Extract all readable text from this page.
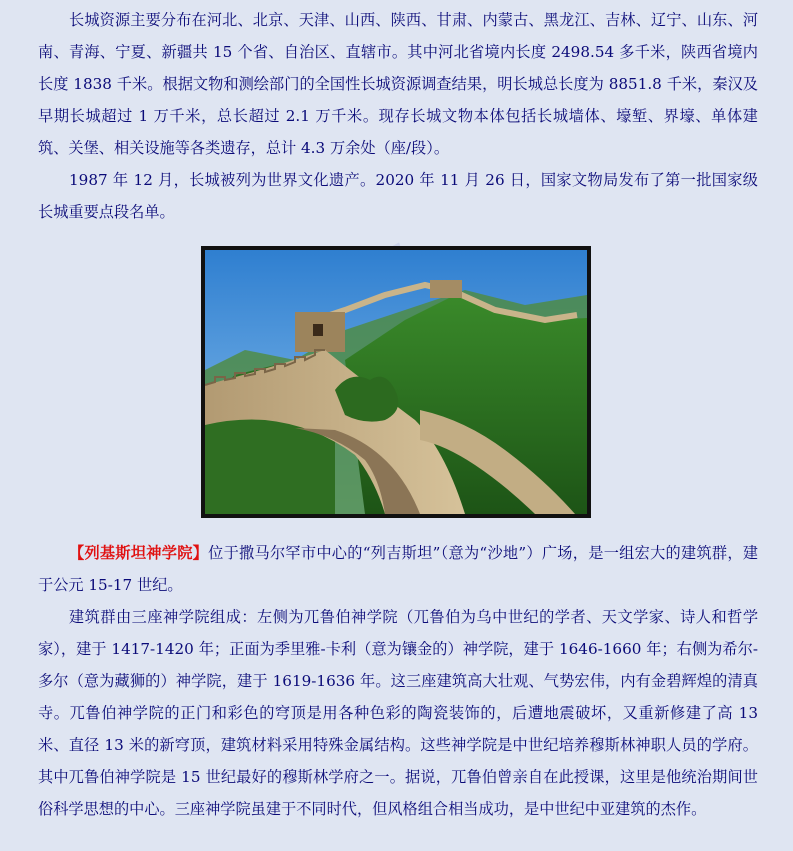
长城资源主要分布在河北、北京、天津、山西、陕西、甘肃、内蒙古、黑龙江、吉林、辽宁、山东、河南、青海、宁夏、新疆共 15 个省、自治区、直辖市。其中河北省境内长度 2498.54 多千米，陕西省境内长度 1838 千米。根据文物和测绘部门的全国性长城资源调查结果，明长城总长度为 8851.8 千米，秦汉及早期长城超过 1 万千米，总长超过 2.1 万千米。现存长城文物本体包括长城墙体、壕堑、界壕、单体建筑、关堡、相关设施等各类遗存，总计 4.3 万余处（座/段）。

1987 年 12 月，长城被列为世界文化遗产。2020 年 11 月 26 日，国家文物局发布了第一批国家级长城重要点段名单。

【列基斯坦神学院】位于撒马尔罕市中心的“列吉斯坦”（意为“沙地”）广场，是一组宏大的建筑群，建于公元 15-17 世纪。

建筑群由三座神学院组成：左侧为兀鲁伯神学院（兀鲁伯为乌中世纪的学者、天文学家、诗人和哲学家），建于 1417-1420 年；正面为季里雅-卡利（意为镶金的）神学院，建于 1646-1660 年；右侧为希尔-多尔（意为藏狮的）神学院，建于 1619-1636 年。这三座建筑高大壮观、气势宏伟，内有金碧辉煌的清真寺。兀鲁伯神学院的正门和彩色的穹顶是用各种色彩的陶瓷装饰的，后遭地震破坏，又重新修建了高 13 米、直径 13 米的新穹顶，建筑材料采用特殊金属结构。这些神学院是中世纪培养穆斯林神职人员的学府。其中兀鲁伯神学院是 15 世纪最好的穆斯林学府之一。据说，兀鲁伯曾亲自在此授课，这里是他统治期间世俗科学思想的中心。三座神学院虽建于不同时代，但风格组合相当成功，是中世纪中亚建筑的杰作。
